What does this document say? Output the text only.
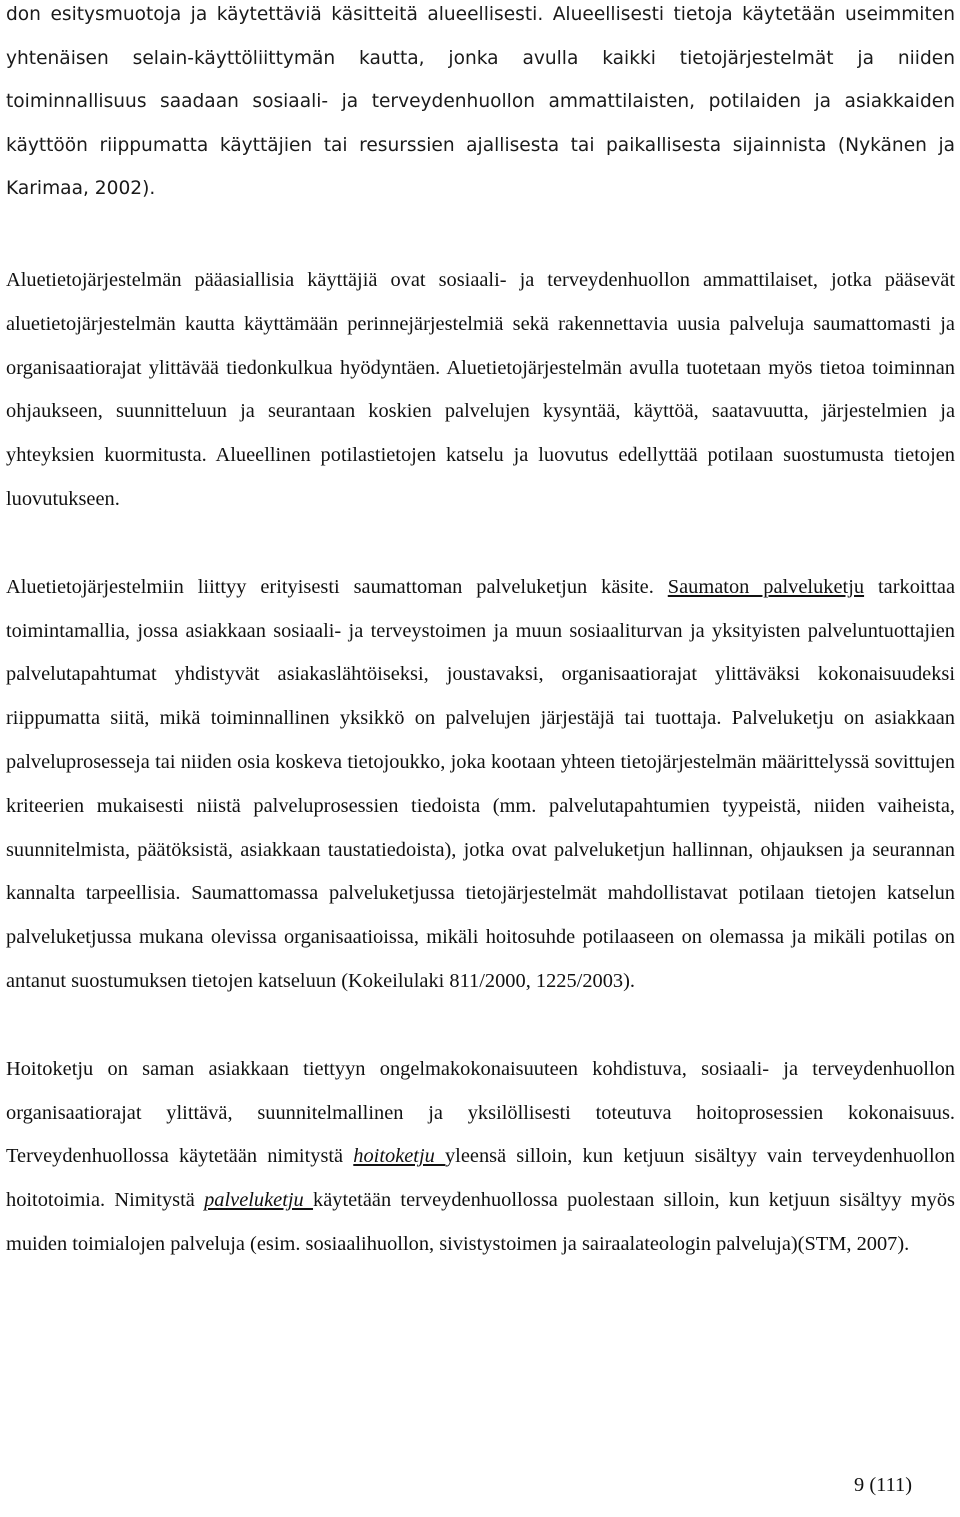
don esitysmuotoja ja käytettäviä käsitteitä alueellisesti. Alueellisesti tietoja käytetään useimmiten yhtenäisen selain-käyttöliittymän kautta, jonka avulla kaikki tietojärjestelmät ja niiden toiminnallisuus saadaan sosiaali- ja terveydenhuollon ammattilaisten, potilaiden ja asiakkaiden käyttöön riippumatta käyttäjien tai resurssien ajallisesta tai paikallisesta sijainnista (Nykänen ja Karimaa, 2002).

Aluetietojärjestelmän pääasiallisia käyttäjiä ovat sosiaali- ja terveydenhuollon ammattilaiset, jotka pääsevät aluetietojärjestelmän kautta käyttämään perinnejärjestelmiä sekä rakennettavia uusia palveluja saumattomasti ja organisaatiorajat ylittävää tiedonkulkua hyödyntäen. Aluetietojärjestelmän avulla tuotetaan myös tietoa toiminnan ohjaukseen, suunnitteluun ja seurantaan koskien palvelujen kysyntää, käyttöä, saatavuutta, järjestelmien ja yhteyksien kuormitusta. Alueellinen potilastietojen katselu ja luovutus edellyttää potilaan suostumusta tietojen luovutukseen.

Aluetietojärjestelmiin liittyy erityisesti saumattoman palveluketjun käsite. Saumaton palveluketju tarkoittaa toimintamallia, jossa asiakkaan sosiaali- ja terveystoimen ja muun sosiaaliturvan ja yksityisten palveluntuottajien palvelutapahtumat yhdistyvät asiakaslähtöiseksi, joustavaksi, organisaatiorajat ylittäväksi kokonaisuudeksi riippumatta siitä, mikä toiminnallinen yksikkö on palvelujen järjestäjä tai tuottaja. Palveluketju on asiakkaan palveluprosesseja tai niiden osia koskeva tietojoukko, joka kootaan yhteen tietojärjestelmän määrittelyssä sovittujen kriteerien mukaisesti niistä palveluprosessien tiedoista (mm. palvelutapahtumien tyypeistä, niiden vaiheista, suunnitelmista, päätöksistä, asiakkaan taustatiedoista), jotka ovat palveluketjun hallinnan, ohjauksen ja seurannan kannalta tarpeellisia. Saumattomassa palveluketjussa tietojärjestelmät mahdollistavat potilaan tietojen katselun palveluketjussa mukana olevissa organisaatioissa, mikäli hoitosuhde potilaaseen on olemassa ja mikäli potilas on antanut suostumuksen tietojen katseluun (Kokeilulaki 811/2000, 1225/2003).

Hoitoketju on saman asiakkaan tiettyyn ongelmakokonaisuuteen kohdistuva, sosiaali- ja terveydenhuollon organisaatiorajat ylittävä, suunnitelmallinen ja yksilöllisesti toteutuva hoitoprosessien kokonaisuus. Terveydenhuollossa käytetään nimitystä hoitoketju yleensä silloin, kun ketjuun sisältyy vain terveydenhuollon hoitotoimia. Nimitystä palveluketju käytetään terveydenhuollossa puolestaan silloin, kun ketjuun sisältyy myös muiden toimialojen palveluja (esim. sosiaalihuollon, sivistystoimen ja sairaalateologin palveluja)(STM, 2007).

9 (111)
